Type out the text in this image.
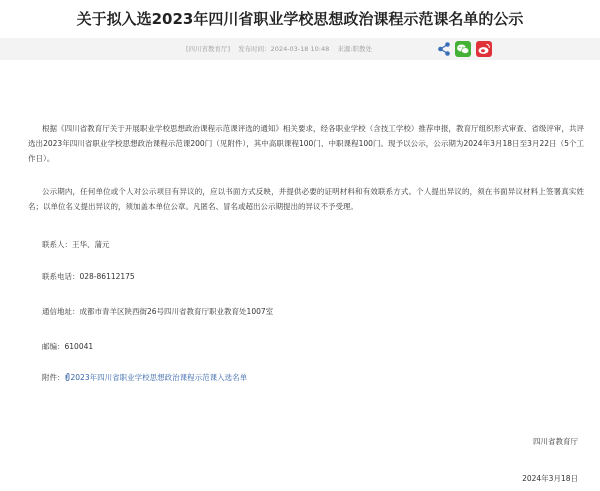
关于拟入选2023年四川省职业学校思想政治课程示范课名单的公示
[四川省教育厅] 发布时间：2024-03-18 10:48 来源:职教处

根据《四川省教育厅关于开展职业学校思想政治课程示范课评选的通知》相关要求，经各职业学校（含技工学校）推荐申报，教育厅组织形式审查、省级评审，共评选出2023年四川省职业学校思想政治课程示范课200门（见附件），其中高职课程100门、中职课程100门。现予以公示，公示期为2024年3月18日至3月22日（5个工作日）。

公示期内，任何单位或个人对公示项目有异议的，应以书面方式反映，并提供必要的证明材料和有效联系方式。个人提出异议的，须在书面异议材料上签署真实姓名；以单位名义提出异议的，须加盖本单位公章。凡匿名、冒名或超出公示期提出的异议不予受理。

联系人：王华、蒲元

联系电话：028-86112175

通信地址：成都市青羊区陕西街26号四川省教育厅职业教育处1007室

邮编：610041

附件： 2023年四川省职业学校思想政治课程示范课入选名单

四川省教育厅

2024年3月18日
